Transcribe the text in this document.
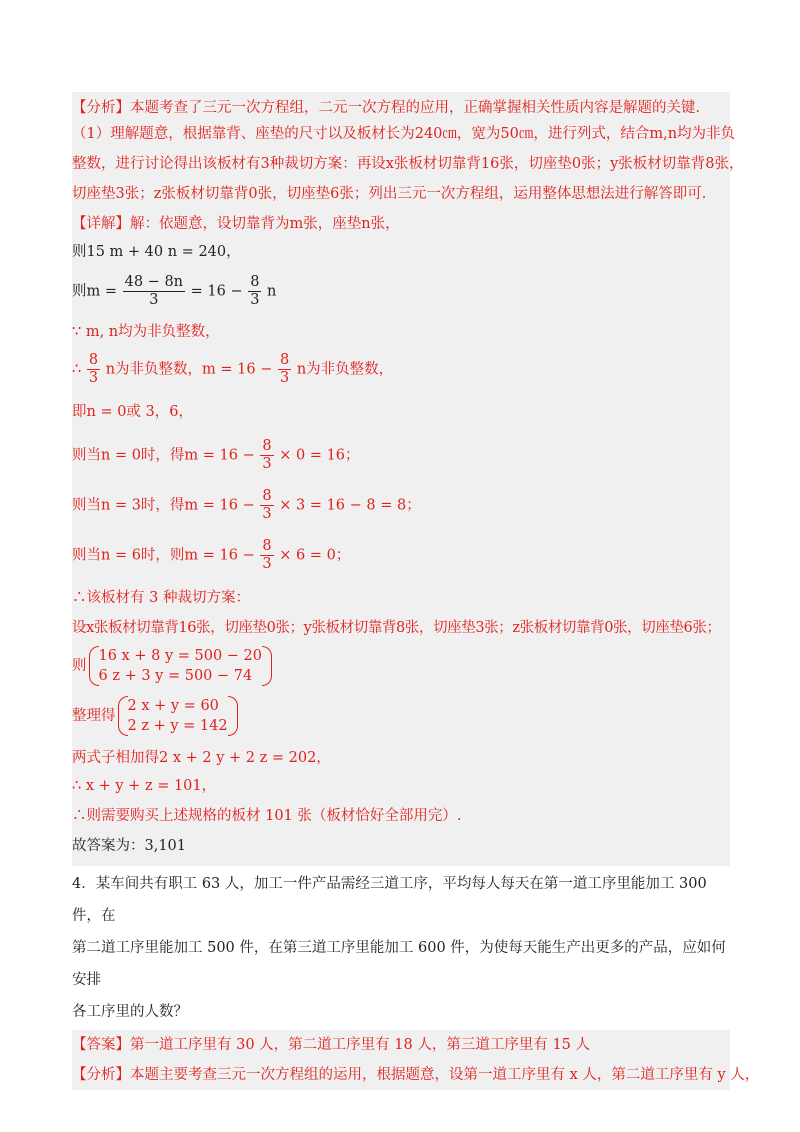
【分析】本题考查了三元一次方程组，二元一次方程的应用，正确掌握相关性质内容是解题的关键.
（1）理解题意，根据靠背、座垫的尺寸以及板材长为240㎝，宽为50㎝，进行列式，结合m,n均为非负
整数，进行讨论得出该板材有3种裁切方案：再设x张板材切靠背16张，切座垫0张；y张板材切靠背8张，
切座垫3张；z张板材切靠背0张，切座垫6张；列出三元一次方程组，运用整体思想法进行解答即可.
【详解】解：依题意，设切靠背为m张，座垫n张，
则15 m + 40 n = 240，
则$m = \frac{48 - 8n}{3} = 16 - \frac{8}{3}$ n
∵ m, n均为非负整数，
∴ $\frac{8}{3}$ n为非负整数，$m = 16 - \frac{8}{3}$ n为非负整数，
即n = 0或 3，6，
则当n = 0时，得$m = 16 - \frac{8}{3} \times 0 = 16$；
则当n = 3时，得$m = 16 - \frac{8}{3} \times 3 = 16 - 8 = 8$；
则当n = 6时，则$m = 16 - \frac{8}{3} \times 6 = 0$；
∴该板材有 3 种裁切方案：
设x张板材切靠背16张，切座垫0张；y张板材切靠背8张，切座垫3张；z张板材切靠背0张，切座垫6张；
则
16 x + 8 y = 500 − 20
6 z + 3 y = 500 − 74
整理得
2 x + y = 60
2 z + y = 142
两式子相加得2 x + 2 y + 2 z = 202，
∴ x + y + z = 101，
∴则需要购买上述规格的板材 101 张（板材恰好全部用完）.
故答案为：3,101
4．某车间共有职工 63 人，加工一件产品需经三道工序，平均每人每天在第一道工序里能加工 300 件，在
第二道工序里能加工 500 件，在第三道工序里能加工 600 件，为使每天能生产出更多的产品，应如何安排
各工序里的人数？
【答案】第一道工序里有 30 人，第二道工序里有 18 人，第三道工序里有 15 人
【分析】本题主要考查三元一次方程组的运用，根据题意，设第一道工序里有 x 人，第二道工序里有 y 人，
